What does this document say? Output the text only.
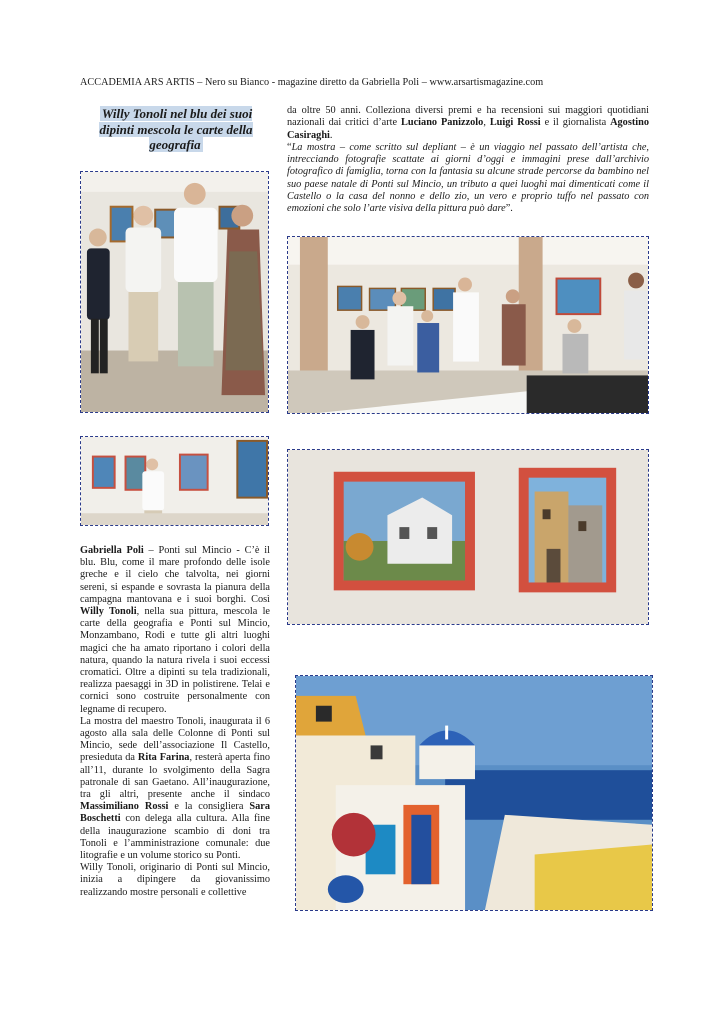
ACCADEMIA ARS ARTIS – Nero su Bianco - magazine diretto da Gabriella Poli – www.arsartismagazine.com
Willy Tonoli nel blu dei suoi dipinti mescola le carte della geografia

da oltre 50 anni. Colleziona diversi premi e ha recensioni sui maggiori quotidiani nazionali dai critici d’arte Luciano Panizzolo, Luigi Rossi e il giornalista Agostino Casiraghi.

“La mostra – come scritto sul depliant – è un viaggio nel passato dell’artista che, intrecciando fotografie scattate ai giorni d’oggi e immagini prese dall’archivio fotografico di famiglia, torna con la fantasia su alcune strade percorse da bambino nel suo paese natale di Ponti sul Mincio, un tributo a quei luoghi mai dimenticati come il Castello o la casa del nonno e dello zio, un vero e proprio tuffo nel passato con emozioni che solo l’arte visiva della pittura può dare”.

Gabriella Poli – Ponti sul Mincio - C’è il blu. Blu, come il mare profondo delle isole greche e il cielo che talvolta, nei giorni sereni, si espande e sovrasta la pianura della campagna mantovana e i suoi borghi. Così Willy Tonoli, nella sua pittura, mescola le carte della geografia e Ponti sul Mincio, Monzambano, Rodi e tutte gli altri luoghi magici che ha amato riportano i colori della natura, quando la natura rivela i suoi eccessi cromatici. Oltre a dipinti su tela tradizionali, realizza paesaggi in 3D in polistirene. Telai e cornici sono costruite personalmente con legname di recupero.

La mostra del maestro Tonoli, inaugurata il 6 agosto alla sala delle Colonne di Ponti sul Mincio, sede dell’associazione Il Castello, presieduta da Rita Farina, resterà aperta fino all’11, durante lo svolgimento della Sagra patronale di san Gaetano. All’inaugurazione, tra gli altri, presente anche il sindaco Massimiliano Rossi e la consigliera Sara Boschetti con delega alla cultura. Alla fine della inaugurazione scambio di doni tra Tonoli e l’amministrazione comunale: due litografie e un volume storico su Ponti.

Willy Tonoli, originario di Ponti sul Mincio, inizia a dipingere da giovanissimo realizzando mostre personali e collettive
